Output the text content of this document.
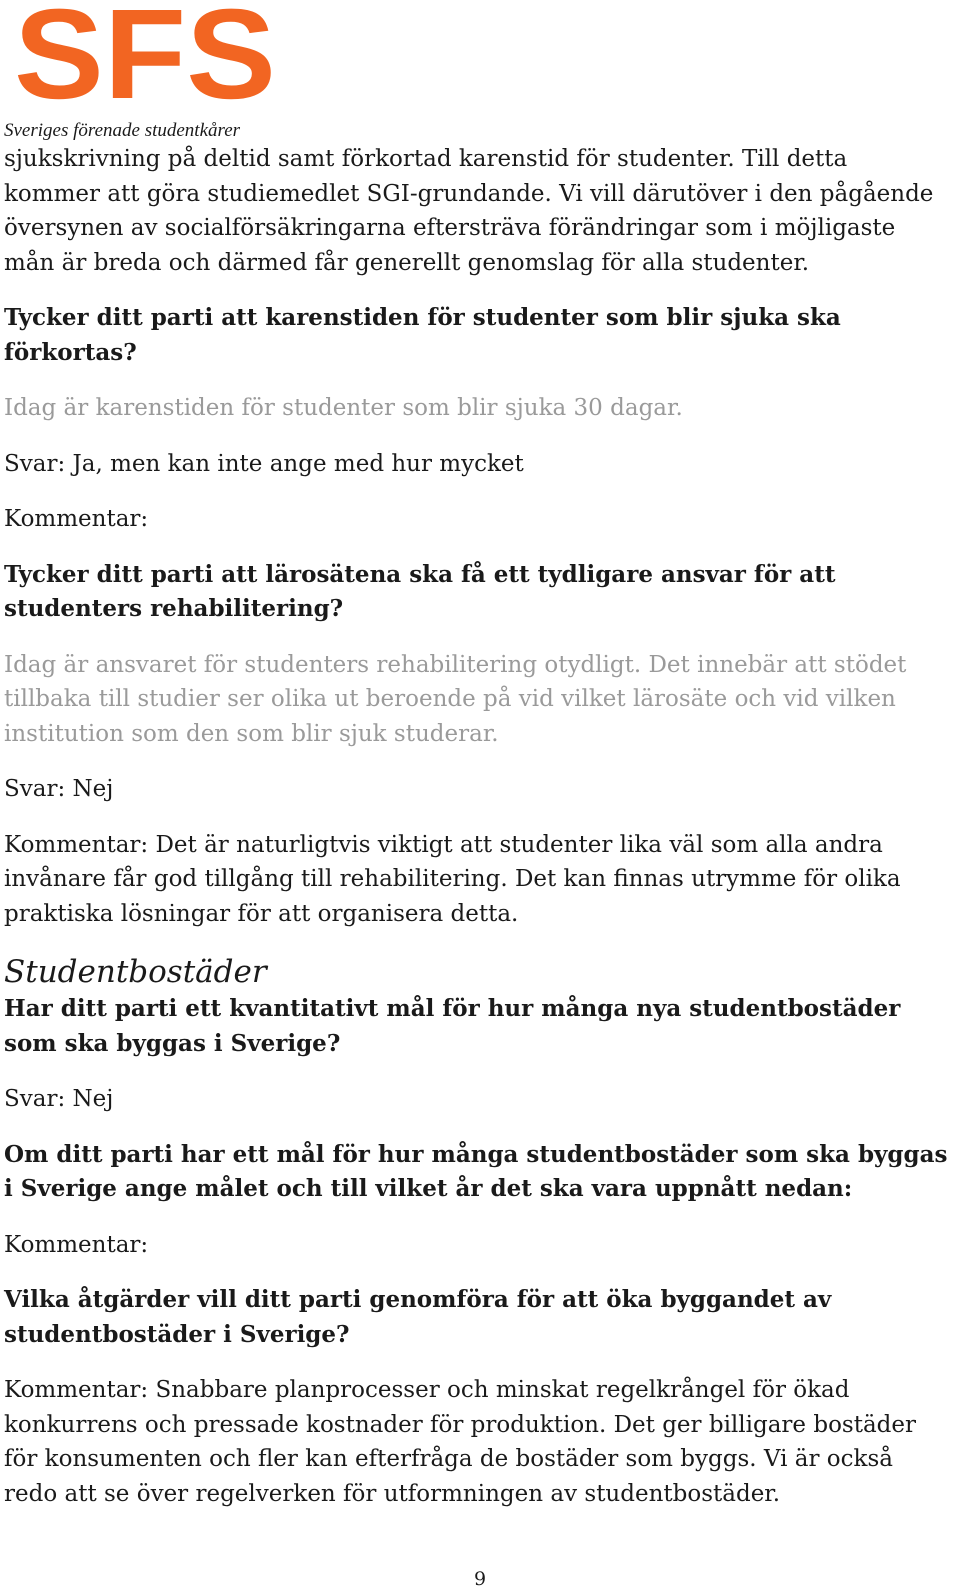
SFS
Sveriges förenade studentkårer

sjukskrivning på deltid samt förkortad karenstid för studenter. Till detta kommer att göra studiemedlet SGI-grundande. Vi vill därutöver i den pågående översynen av socialförsäkringarna eftersträva förändringar som i möjligaste mån är breda och därmed får generellt genomslag för alla studenter.

Tycker ditt parti att karenstiden för studenter som blir sjuka ska förkortas?

Idag är karenstiden för studenter som blir sjuka 30 dagar.

Svar: Ja, men kan inte ange med hur mycket

Kommentar:

Tycker ditt parti att lärosätena ska få ett tydligare ansvar för att studenters rehabilitering?

Idag är ansvaret för studenters rehabilitering otydligt. Det innebär att stödet tillbaka till studier ser olika ut beroende på vid vilket lärosäte och vid vilken institution som den som blir sjuk studerar.

Svar: Nej

Kommentar: Det är naturligtvis viktigt att studenter lika väl som alla andra invånare får god tillgång till rehabilitering. Det kan finnas utrymme för olika praktiska lösningar för att organisera detta.

Studentbostäder

Har ditt parti ett kvantitativt mål för hur många nya studentbostäder som ska byggas i Sverige?

Svar: Nej

Om ditt parti har ett mål för hur många studentbostäder som ska byggas i Sverige ange målet och till vilket år det ska vara uppnått nedan:

Kommentar:

Vilka åtgärder vill ditt parti genomföra för att öka byggandet av studentbostäder i Sverige?

Kommentar: Snabbare planprocesser och minskat regelkrångel för ökad konkurrens och pressade kostnader för produktion. Det ger billigare bostäder för konsumenten och fler kan efterfråga de bostäder som byggs. Vi är också redo att se över regelverken för utformningen av studentbostäder.

9
